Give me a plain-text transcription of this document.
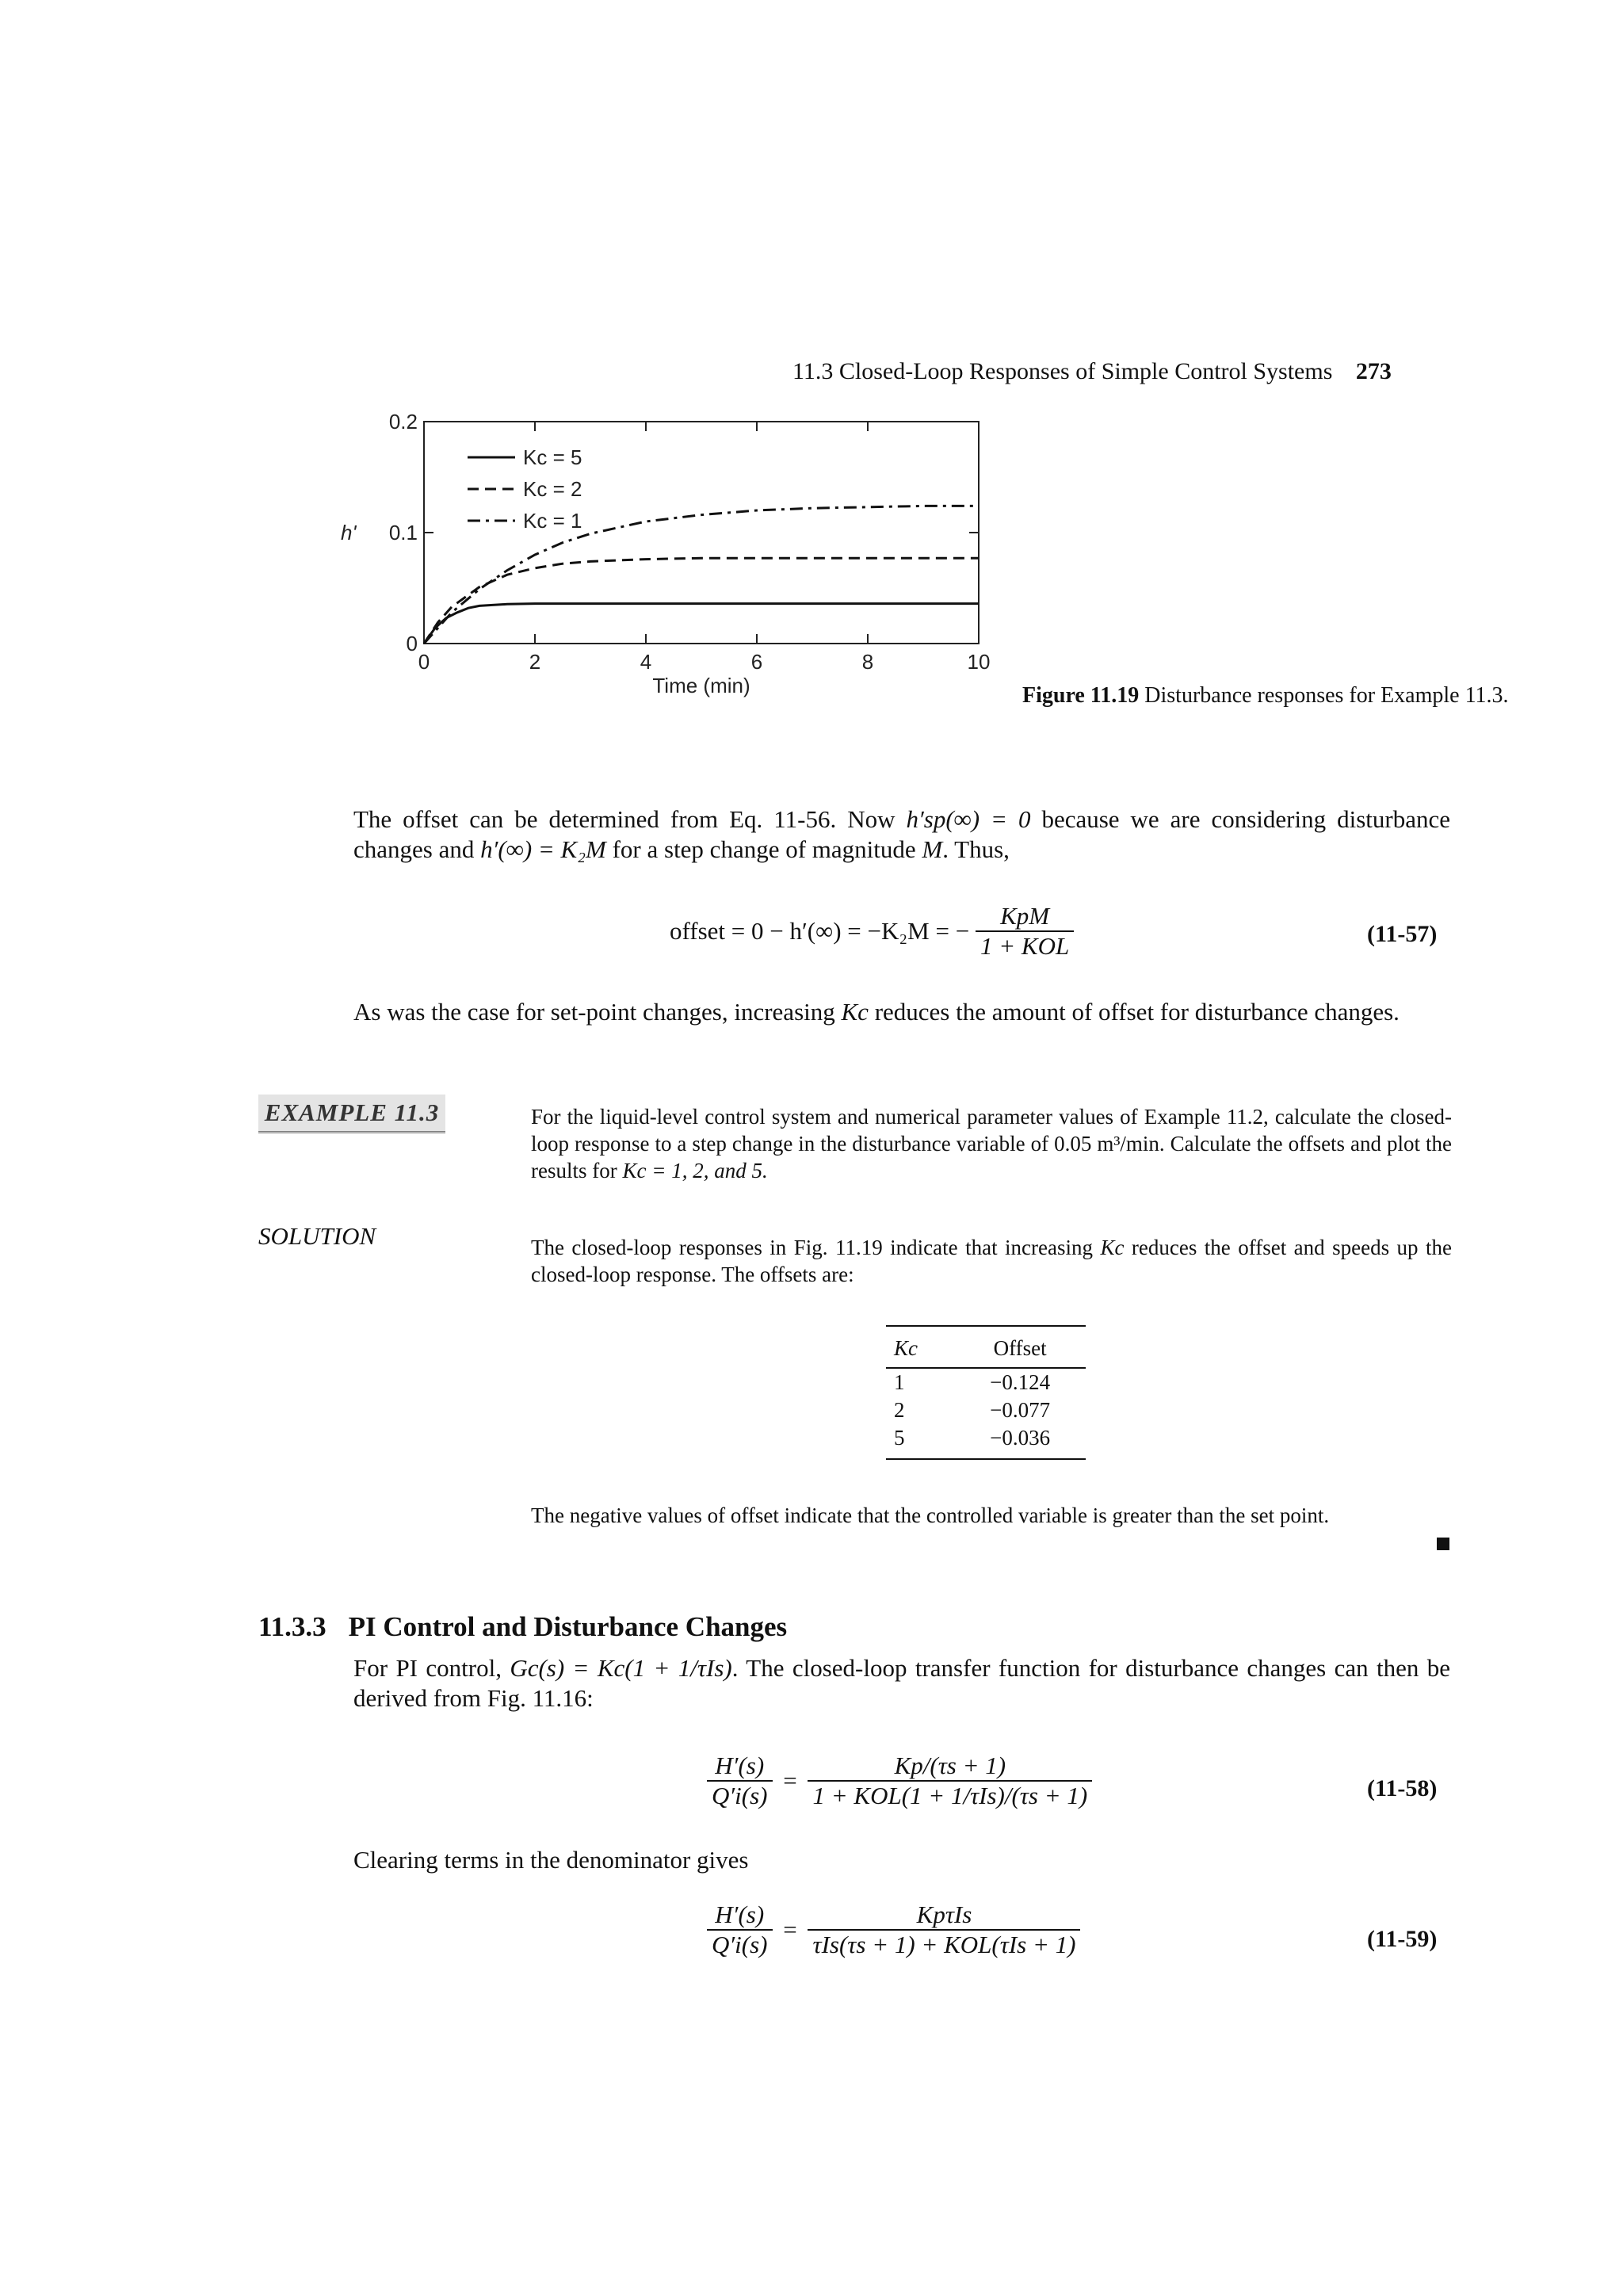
11.3 Closed-Loop Responses of Simple Control Systems 273
0	2	4	6	8	10
0
0.1
0.2
Time (min)
h'
Kc = 5
Kc = 2
Kc = 1
Figure 11.19 Disturbance responses for Example 11.3.
The offset can be determined from Eq. 11-56. Now h′sp(∞) = 0 because we are considering disturbance changes and h′(∞) = K₂M for a step change of magnitude M. Thus,
offset = 0 − h′(∞) = −K₂M = − $\frac{\text{KpM}}{\text{1 + KOL}}$	(11-57)
As was the case for set-point changes, increasing Kc reduces the amount of offset for disturbance changes.
EXAMPLE 11.3	For the liquid-level control system and numerical parameter values of Example 11.2, calculate the closed-loop response to a step change in the disturbance variable of 0.05 m³/min. Calculate the offsets and plot the results for Kc = 1, 2, and 5.
SOLUTION	The closed-loop responses in Fig. 11.19 indicate that increasing Kc reduces the offset and speeds up the closed-loop response. The offsets are:
Kc	Offset
1	−0.124
2	−0.077
5	−0.036
The negative values of offset indicate that the controlled variable is greater than the set point.
11.3.3 PI Control and Disturbance Changes
For PI control, Gc(s) = Kc(1 + 1/τIs). The closed-loop transfer function for disturbance changes can then be derived from Fig. 11.16:
$\frac{H'(s)}{Q'i(s)} = \frac{Kp/(\tau s + 1)}{\text{1 + KOL(1 + 1/τIs)/(τs + 1)}}$	(11-58)
Clearing terms in the denominator gives
$\frac{H'(s)}{Q'i(s)} = \frac{\text{KpτIs}}{\text{τIs(τs + 1) + KOL(τIs + 1)}}$	(11-59)
